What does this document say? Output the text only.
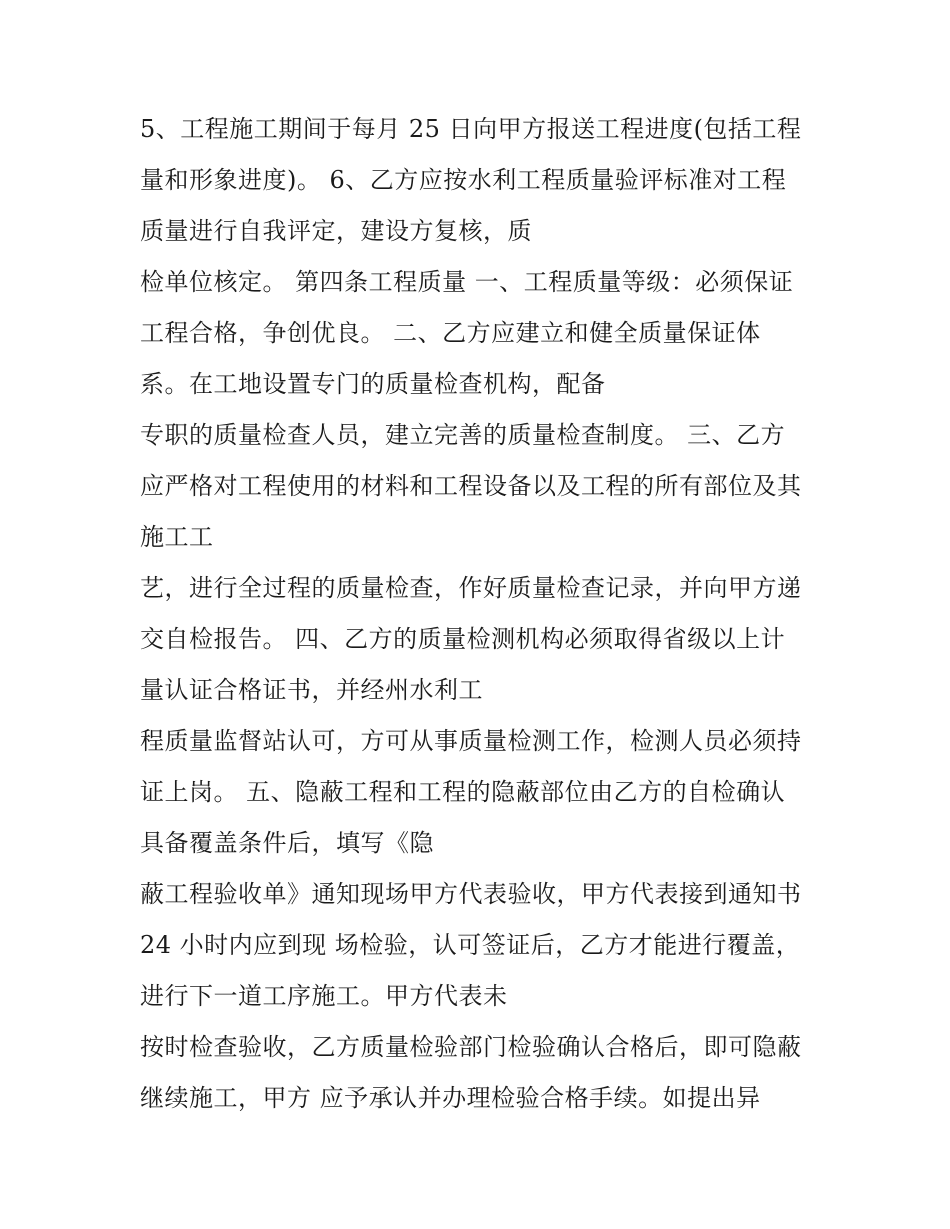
5、工程施工期间于每月 25 日向甲方报送工程进度(包括工程
量和形象进度)。 6、乙方应按水利工程质量验评标准对工程
质量进行自我评定，建设方复核，质
检单位核定。 第四条工程质量 一、工程质量等级：必须保证
工程合格，争创优良。 二、乙方应建立和健全质量保证体
系。在工地设置专门的质量检查机构，配备
专职的质量检查人员，建立完善的质量检查制度。 三、乙方
应严格对工程使用的材料和工程设备以及工程的所有部位及其
施工工
艺，进行全过程的质量检查，作好质量检查记录，并向甲方递
交自检报告。 四、乙方的质量检测机构必须取得省级以上计
量认证合格证书，并经州水利工
程质量监督站认可，方可从事质量检测工作，检测人员必须持
证上岗。 五、隐蔽工程和工程的隐蔽部位由乙方的自检确认
具备覆盖条件后，填写《隐
蔽工程验收单》通知现场甲方代表验收，甲方代表接到通知书
24 小时内应到现 场检验，认可签证后，乙方才能进行覆盖，
进行下一道工序施工。甲方代表未
按时检查验收，乙方质量检验部门检验确认合格后，即可隐蔽
继续施工，甲方 应予承认并办理检验合格手续。如提出异
